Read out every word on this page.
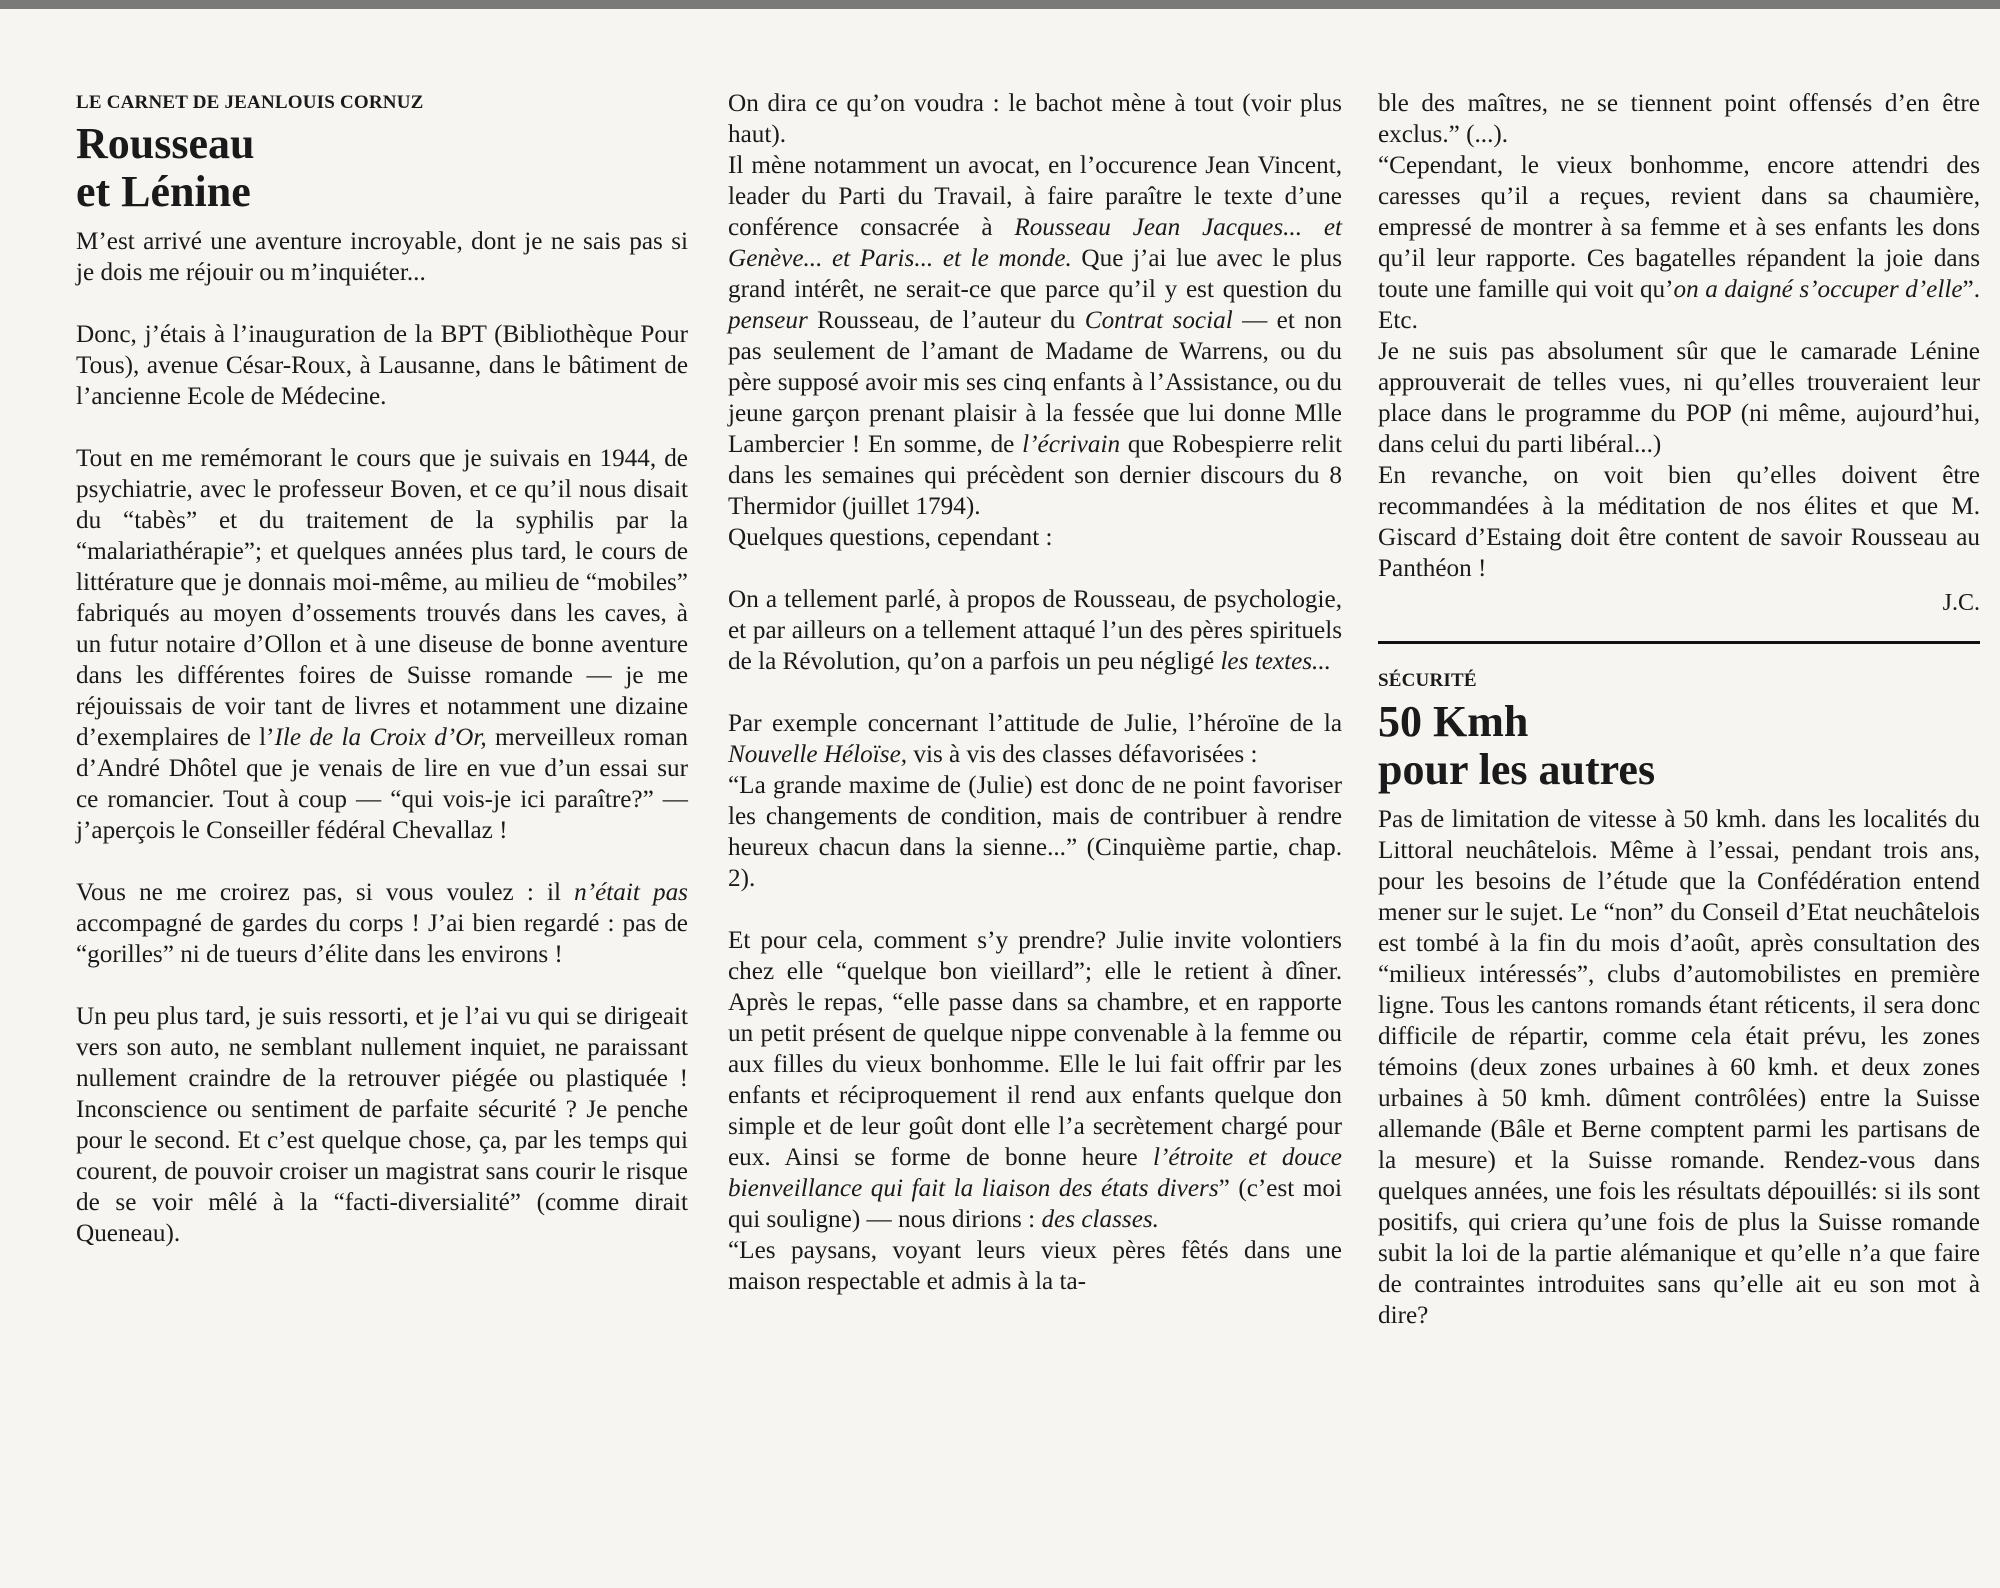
LE CARNET DE JEANLOUIS CORNUZ
Rousseau
et Lénine

M’est arrivé une aventure incroyable, dont je ne sais pas si je dois me réjouir ou m’inquiéter...

Donc, j’étais à l’inauguration de la BPT (Bibliothèque Pour Tous), avenue César-Roux, à Lausanne, dans le bâtiment de l’ancienne Ecole de Médecine.

Tout en me remémorant le cours que je suivais en 1944, de psychiatrie, avec le professeur Boven, et ce qu’il nous disait du “tabès” et du traitement de la syphilis par la “malariathérapie”; et quelques années plus tard, le cours de littérature que je donnais moi-même, au milieu de “mobiles” fabriqués au moyen d’ossements trouvés dans les caves, à un futur notaire d’Ollon et à une diseuse de bonne aventure dans les différentes foires de Suisse romande — je me réjouissais de voir tant de livres et notamment une dizaine d’exemplaires de l’Ile de la Croix d’Or, merveilleux roman d’André Dhôtel que je venais de lire en vue d’un essai sur ce romancier. Tout à coup — “qui vois-je ici paraître?” — j’aperçois le Conseiller fédéral Chevallaz !

Vous ne me croirez pas, si vous voulez : il n’était pas accompagné de gardes du corps ! J’ai bien regardé : pas de “gorilles” ni de tueurs d’élite dans les environs !

Un peu plus tard, je suis ressorti, et je l’ai vu qui se dirigeait vers son auto, ne semblant nullement inquiet, ne paraissant nullement craindre de la retrouver piégée ou plastiquée ! Inconscience ou sentiment de parfaite sécurité ? Je penche pour le second. Et c’est quelque chose, ça, par les temps qui courent, de pouvoir croiser un magistrat sans courir le risque de se voir mêlé à la “facti-diversialité” (comme dirait Queneau).

On dira ce qu’on voudra : le bachot mène à tout (voir plus haut).

Il mène notamment un avocat, en l’occurence Jean Vincent, leader du Parti du Travail, à faire paraître le texte d’une conférence consacrée à Rousseau Jean Jacques... et Genève... et Paris... et le monde. Que j’ai lue avec le plus grand intérêt, ne serait-ce que parce qu’il y est question du penseur Rousseau, de l’auteur du Contrat social — et non pas seulement de l’amant de Madame de Warrens, ou du père supposé avoir mis ses cinq enfants à l’Assistance, ou du jeune garçon prenant plaisir à la fessée que lui donne Mlle Lambercier ! En somme, de l’écrivain que Robespierre relit dans les semaines qui précèdent son dernier discours du 8 Thermidor (juillet 1794).

Quelques questions, cependant :

On a tellement parlé, à propos de Rousseau, de psychologie, et par ailleurs on a tellement attaqué l’un des pères spirituels de la Révolution, qu’on a parfois un peu négligé les textes...

Par exemple concernant l’attitude de Julie, l’héroïne de la Nouvelle Héloïse, vis à vis des classes défavorisées :

“La grande maxime de (Julie) est donc de ne point favoriser les changements de condition, mais de contribuer à rendre heureux chacun dans la sienne...” (Cinquième partie, chap. 2).

Et pour cela, comment s’y prendre? Julie invite volontiers chez elle “quelque bon vieillard”; elle le retient à dîner. Après le repas, “elle passe dans sa chambre, et en rapporte un petit présent de quelque nippe convenable à la femme ou aux filles du vieux bonhomme. Elle le lui fait offrir par les enfants et réciproquement il rend aux enfants quelque don simple et de leur goût dont elle l’a secrètement chargé pour eux. Ainsi se forme de bonne heure l’étroite et douce bienveillance qui fait la liaison des états divers” (c’est moi qui souligne) — nous dirions : des classes.

“Les paysans, voyant leurs vieux pères fêtés dans une maison respectable et admis à la ta-

ble des maîtres, ne se tiennent point offensés d’en être exclus.” (...).

“Cependant, le vieux bonhomme, encore attendri des caresses qu’il a reçues, revient dans sa chaumière, empressé de montrer à sa femme et à ses enfants les dons qu’il leur rapporte. Ces bagatelles répandent la joie dans toute une famille qui voit qu’on a daigné s’occuper d’elle”. Etc.

Je ne suis pas absolument sûr que le camarade Lénine approuverait de telles vues, ni qu’elles trouveraient leur place dans le programme du POP (ni même, aujourd’hui, dans celui du parti libéral...)

En revanche, on voit bien qu’elles doivent être recommandées à la méditation de nos élites et que M. Giscard d’Estaing doit être content de savoir Rousseau au Panthéon !

J.C.
SÉCURITÉ
50 Kmh
pour les autres

Pas de limitation de vitesse à 50 kmh. dans les localités du Littoral neuchâtelois. Même à l’essai, pendant trois ans, pour les besoins de l’étude que la Confédération entend mener sur le sujet. Le “non” du Conseil d’Etat neuchâtelois est tombé à la fin du mois d’août, après consultation des “milieux intéressés”, clubs d’automobilistes en première ligne. Tous les cantons romands étant réticents, il sera donc difficile de répartir, comme cela était prévu, les zones témoins (deux zones urbaines à 60 kmh. et deux zones urbaines à 50 kmh. dûment contrôlées) entre la Suisse allemande (Bâle et Berne comptent parmi les partisans de la mesure) et la Suisse romande. Rendez-vous dans quelques années, une fois les résultats dépouillés: si ils sont positifs, qui criera qu’une fois de plus la Suisse romande subit la loi de la partie alémanique et qu’elle n’a que faire de contraintes introduites sans qu’elle ait eu son mot à dire?
